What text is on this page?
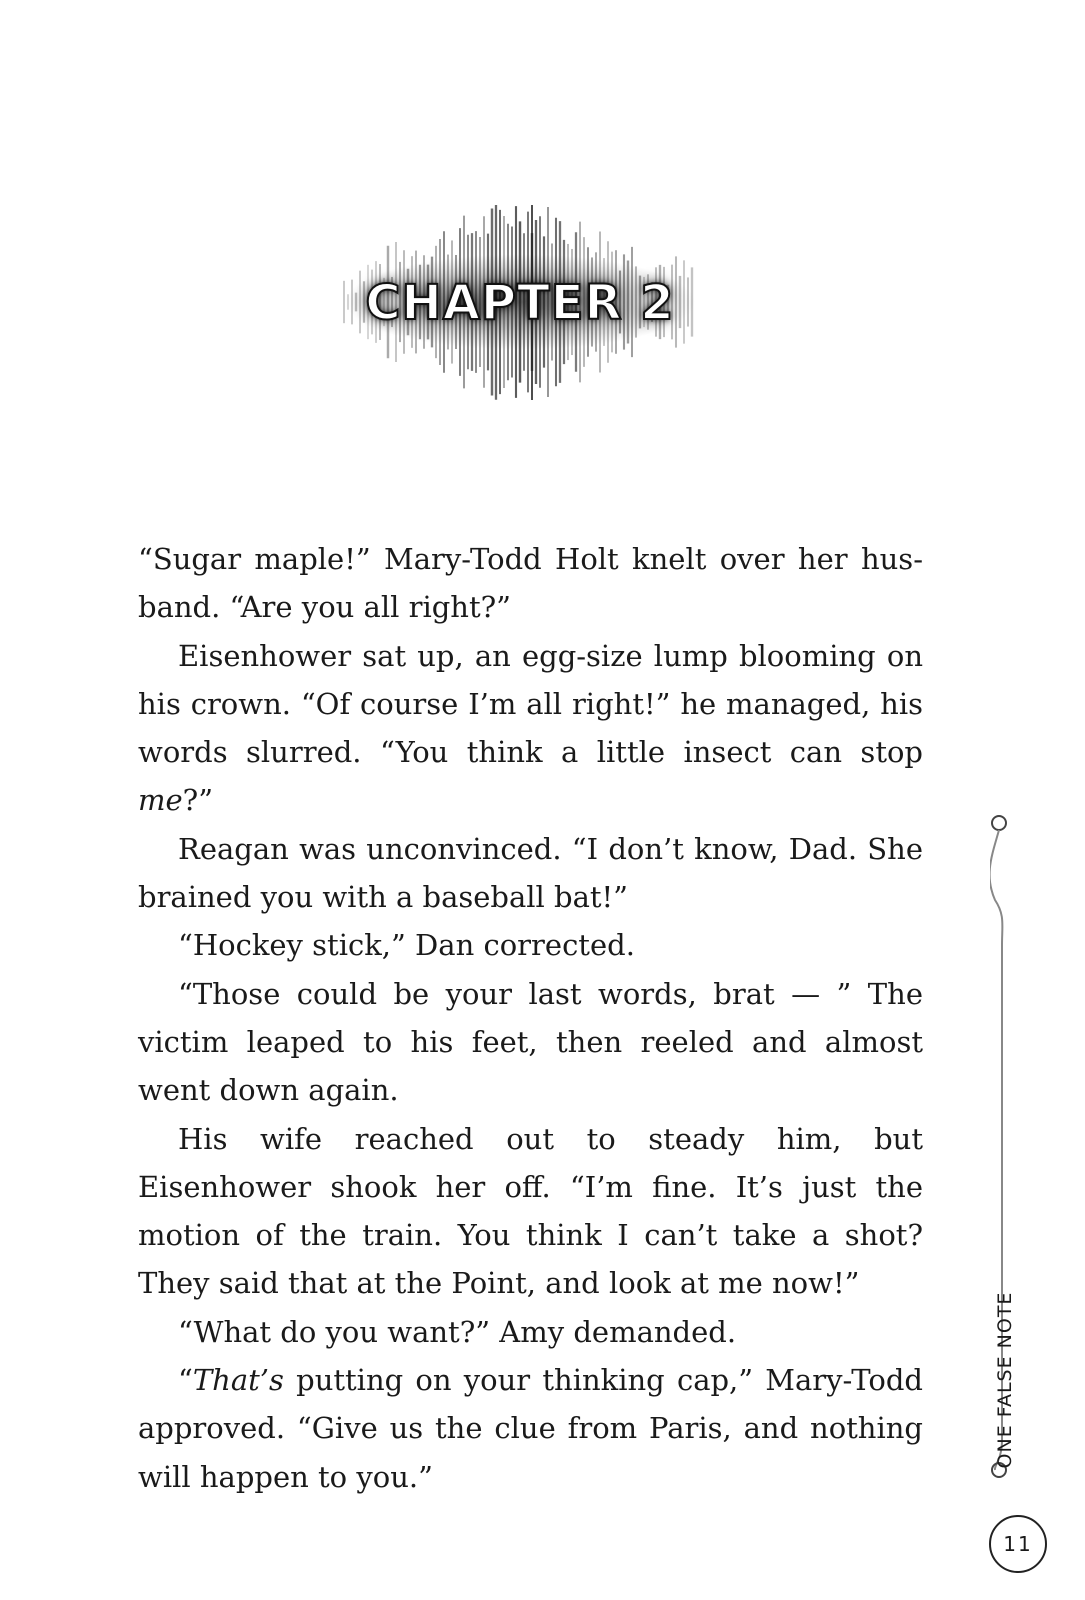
CHAPTER 2

“Sugar maple!” Mary-Todd Holt knelt over her hus-band. “Are you all right?”

Eisenhower sat up, an egg-size lump blooming on his crown. “Of course I’m all right!” he managed, his words slurred. “You think a little insect can stop me?”

Reagan was unconvinced. “I don’t know, Dad. She brained you with a baseball bat!”

“Hockey stick,” Dan corrected.

“Those could be your last words, brat — ” The victim leaped to his feet, then reeled and almost went down again.

His wife reached out to steady him, but Eisenhower shook her off. “I’m fine. It’s just the motion of the train. You think I can’t take a shot? They said that at the Point, and look at me now!”

“What do you want?” Amy demanded.

“That’s putting on your thinking cap,” Mary-Todd approved. “Give us the clue from Paris, and nothing will happen to you.”

ONE FALSE NOTE
11
